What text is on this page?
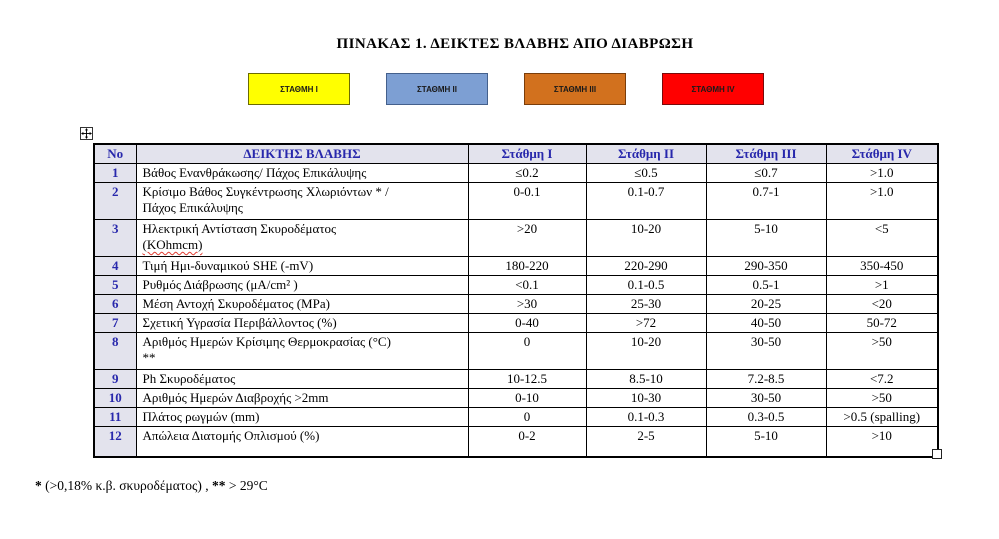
ΠΙΝΑΚΑΣ 1. ΔΕΙΚΤΕΣ ΒΛΑΒΗΣ ΑΠΟ ΔΙΑΒΡΩΣΗ
ΣΤΑΘΜΗ I	ΣΤΑΘΜΗ II	ΣΤΑΘΜΗ III	ΣΤΑΘΜΗ IV
No	ΔΕΙΚΤΗΣ ΒΛΑΒΗΣ	Στάθμη I	Στάθμη II	Στάθμη III	Στάθμη IV
1	Βάθος Ενανθράκωσης/ Πάχος Επικάλυψης	≤0.2	≤0.5	≤0.7	>1.0
2	Κρίσιμο Βάθος Συγκέντρωσης Χλωριόντων * /
Πάχος Επικάλυψης	0-0.1	0.1-0.7	0.7-1	>1.0
3	Ηλεκτρική Αντίσταση Σκυροδέματος
(KOhmcm)	>20	10-20	5-10	<5
4	Τιμή Ημι-δυναμικού SHE (-mV)	180-220	220-290	290-350	350-450
5	Ρυθμός Διάβρωσης (μA/cm² )	<0.1	0.1-0.5	0.5-1	>1
6	Μέση Αντοχή Σκυροδέματος (MPa)	>30	25-30	20-25	<20
7	Σχετική Υγρασία Περιβάλλοντος (%)	0-40	>72	40-50	50-72
8	Αριθμός Ημερών Κρίσιμης Θερμοκρασίας (°C)
**	0	10-20	30-50	>50
9	Ph Σκυροδέματος	10-12.5	8.5-10	7.2-8.5	<7.2
10	Αριθμός Ημερών Διαβροχής >2mm	0-10	10-30	30-50	>50
11	Πλάτος ρωγμών (mm)	0	0.1-0.3	0.3-0.5	>0.5 (spalling)
12	Απώλεια Διατομής Οπλισμού (%)	0-2	2-5	5-10	>10
* (>0,18% κ.β. σκυροδέματος) , ** > 29°C
